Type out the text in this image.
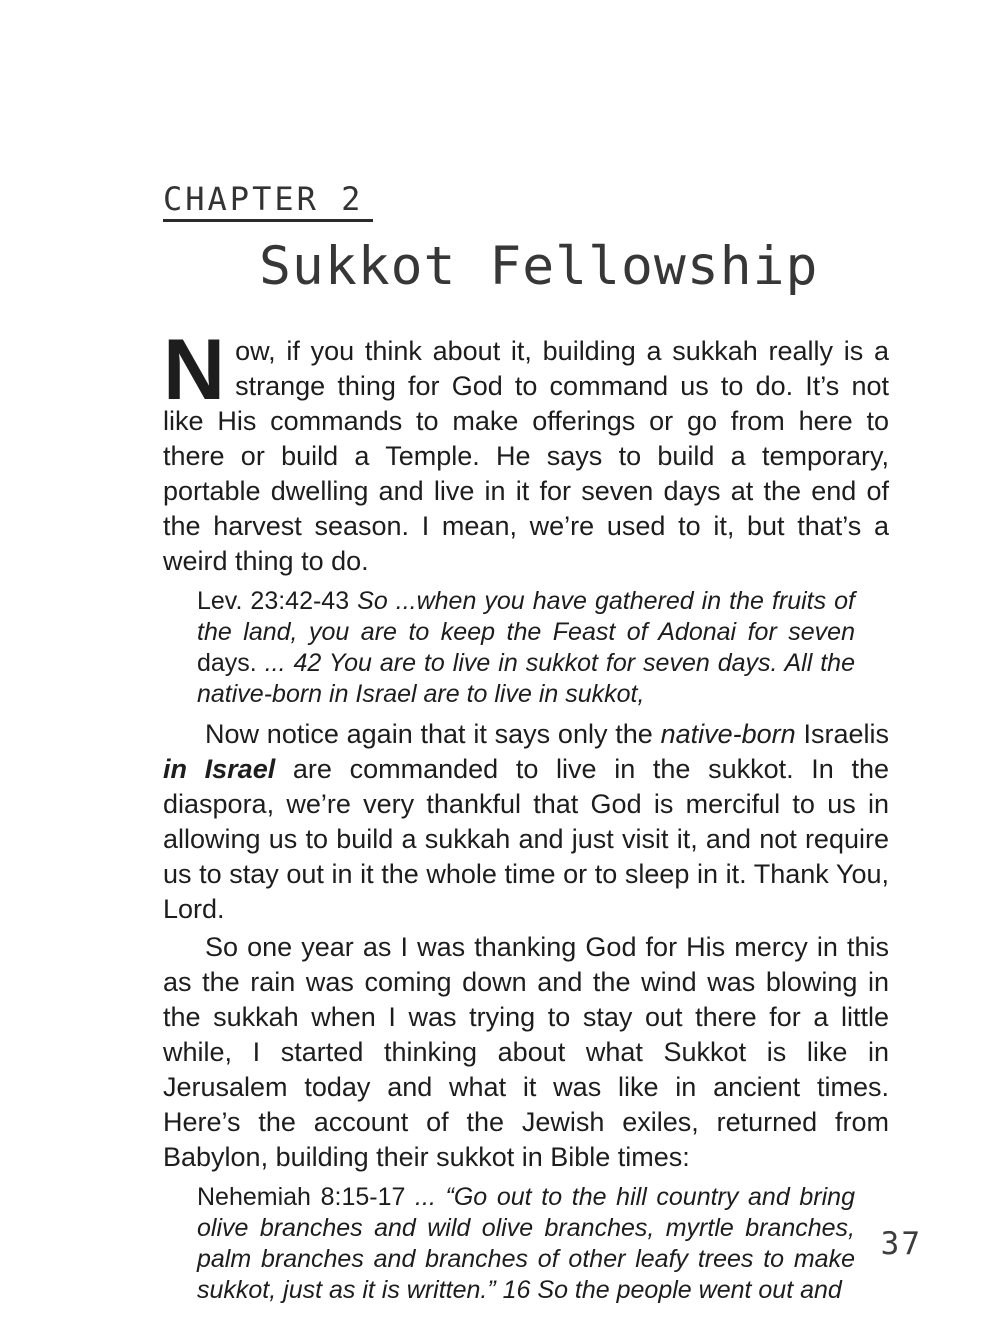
CHAPTER 2
Sukkot Fellowship

Now, if you think about it, building a sukkah really is a strange thing for God to command us to do. It’s not like His commands to make offerings or go from here to there or build a Temple. He says to build a temporary, portable dwelling and live in it for seven days at the end of the harvest season. I mean, we’re used to it, but that’s a weird thing to do.

Lev. 23:42-43 So ...when you have gathered in the fruits of the land, you are to keep the Feast of Adonai for seven days. ... 42 You are to live in sukkot for seven days. All the native-born in Israel are to live in sukkot,

Now notice again that it says only the native-born Israelis in Israel are commanded to live in the sukkot. In the diaspora, we’re very thankful that God is merciful to us in allowing us to build a sukkah and just visit it, and not require us to stay out in it the whole time or to sleep in it. Thank You, Lord.

So one year as I was thanking God for His mercy in this as the rain was coming down and the wind was blowing in the sukkah when I was trying to stay out there for a little while, I started thinking about what Sukkot is like in Jerusalem today and what it was like in ancient times. Here’s the account of the Jewish exiles, returned from Babylon, building their sukkot in Bible times:

Nehemiah 8:15-17 ... “Go out to the hill country and bring olive branches and wild olive branches, myrtle branches, palm branches and branches of other leafy trees to make sukkot, just as it is written.” 16 So the people went out and

37
